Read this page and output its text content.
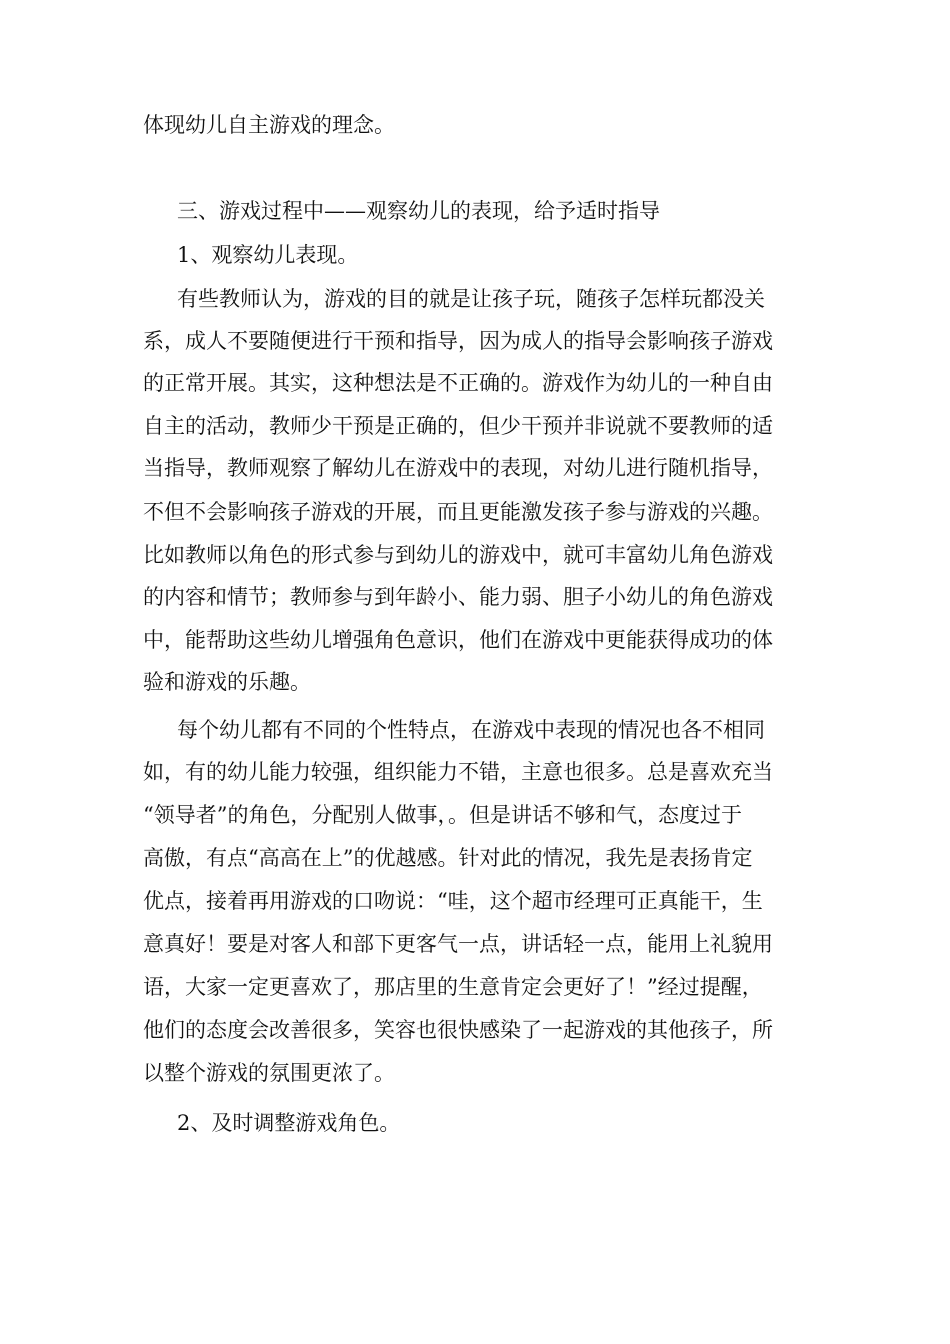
体现幼儿自主游戏的理念。

三、游戏过程中——观察幼儿的表现，给予适时指导

1、观察幼儿表现。

有些教师认为，游戏的目的就是让孩子玩，随孩子怎样玩都没关

系，成人不要随便进行干预和指导，因为成人的指导会影响孩子游戏

的正常开展。其实，这种想法是不正确的。游戏作为幼儿的一种自由

自主的活动，教师少干预是正确的，但少干预并非说就不要教师的适

当指导，教师观察了解幼儿在游戏中的表现，对幼儿进行随机指导，

不但不会影响孩子游戏的开展，而且更能激发孩子参与游戏的兴趣。

比如教师以角色的形式参与到幼儿的游戏中，就可丰富幼儿角色游戏

的内容和情节；教师参与到年龄小、能力弱、胆子小幼儿的角色游戏

中，能帮助这些幼儿增强角色意识，他们在游戏中更能获得成功的体

验和游戏的乐趣。

每个幼儿都有不同的个性特点，在游戏中表现的情况也各不相同

如，有的幼儿能力较强，组织能力不错，主意也很多。总是喜欢充当

“领导者”的角色，分配别人做事，。但是讲话不够和气，态度过于

高傲，有点“高高在上”的优越感。针对此的情况，我先是表扬肯定

优点，接着再用游戏的口吻说：“哇，这个超市经理可正真能干，生

意真好！要是对客人和部下更客气一点，讲话轻一点，能用上礼貌用

语，大家一定更喜欢了，那店里的生意肯定会更好了！”经过提醒，

他们的态度会改善很多，笑容也很快感染了一起游戏的其他孩子，所

以整个游戏的氛围更浓了。

2、及时调整游戏角色。
